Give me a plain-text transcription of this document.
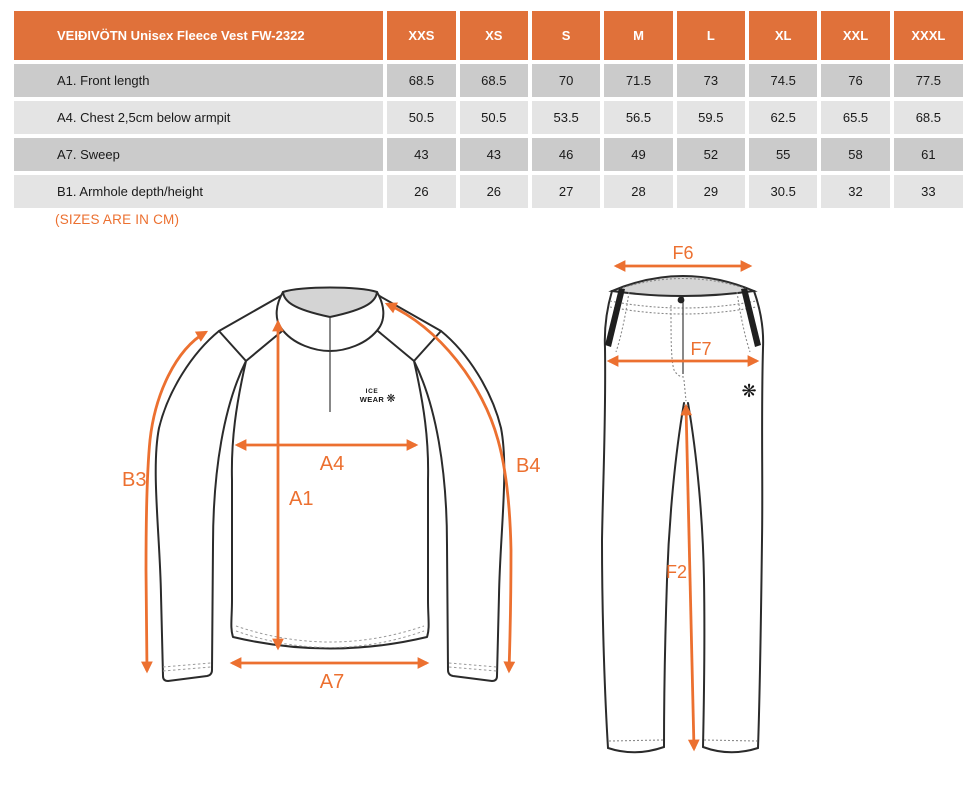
VEIÐIVÖTN Unisex Fleece Vest FW-2322	XXS	XS	S	M	L	XL	XXL	XXXL
A1. Front length	68.5	68.5	70	71.5	73	74.5	76	77.5
A4. Chest 2,5cm below armpit	50.5	50.5	53.5	56.5	59.5	62.5	65.5	68.5
A7. Sweep	43	43	46	49	52	55	58	61
B1. Armhole depth/height	26	26	27	28	29	30.5	32	33
(SIZES ARE IN CM)
ICE
WEAR ❋
A4
A1
A7
B3
B4
❋
F6
F7
F2
